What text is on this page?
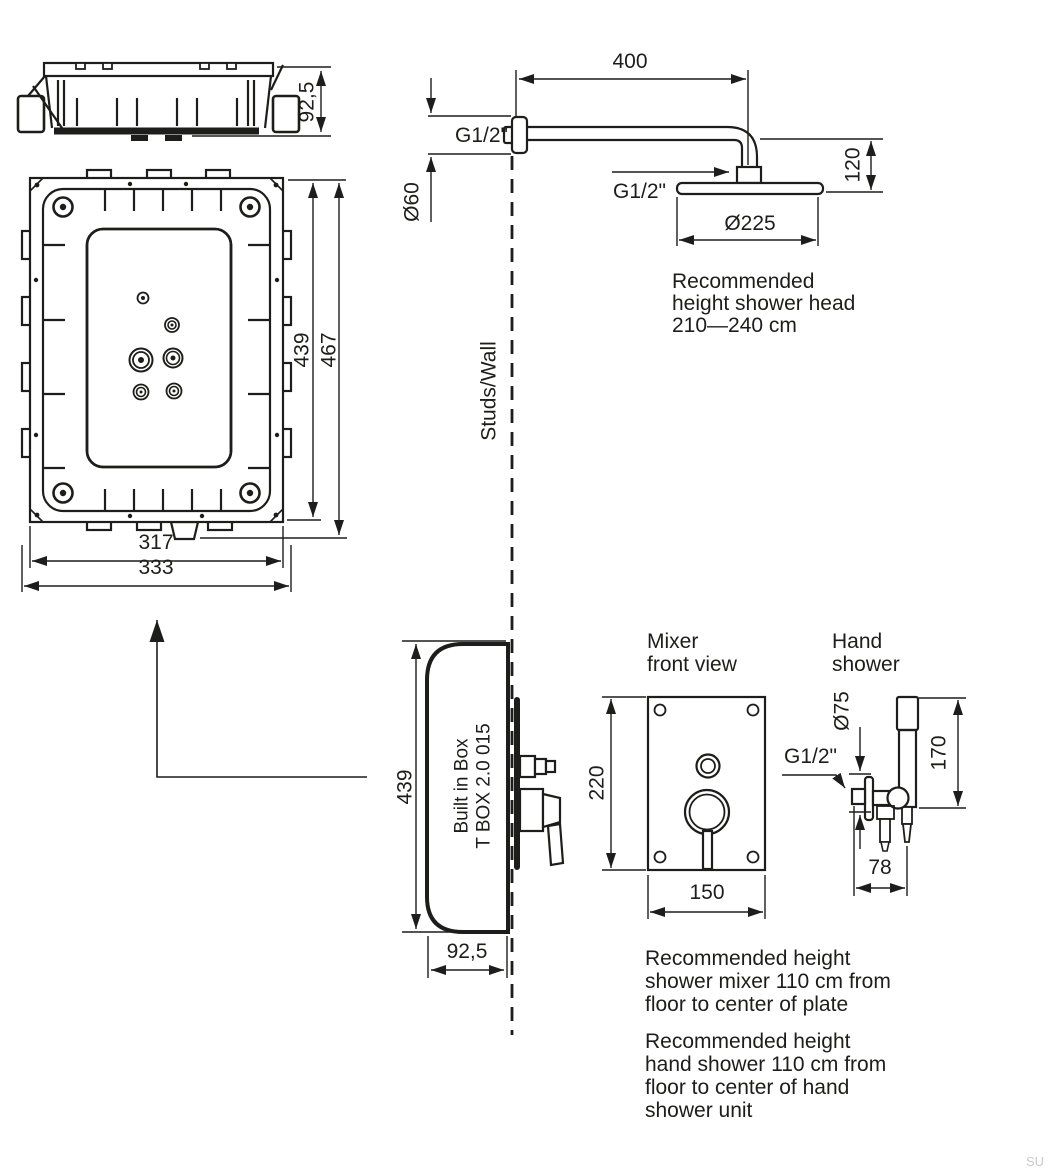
92,5
439 467
317
333
Studs/Wall
400
Ø60
G1/2"
G1/2"
120
Ø225
Recommended
height shower head
210—240 cm
Built in Box T BOX 2.0 015
439
92,5
Mixer
front view
220
150
G1/2"
Hand
shower
Ø75
170
78
Recommended height
shower mixer 110 cm from
floor to center of plate
Recommended height
hand shower 110 cm from
floor to center of hand
shower unit
SU
